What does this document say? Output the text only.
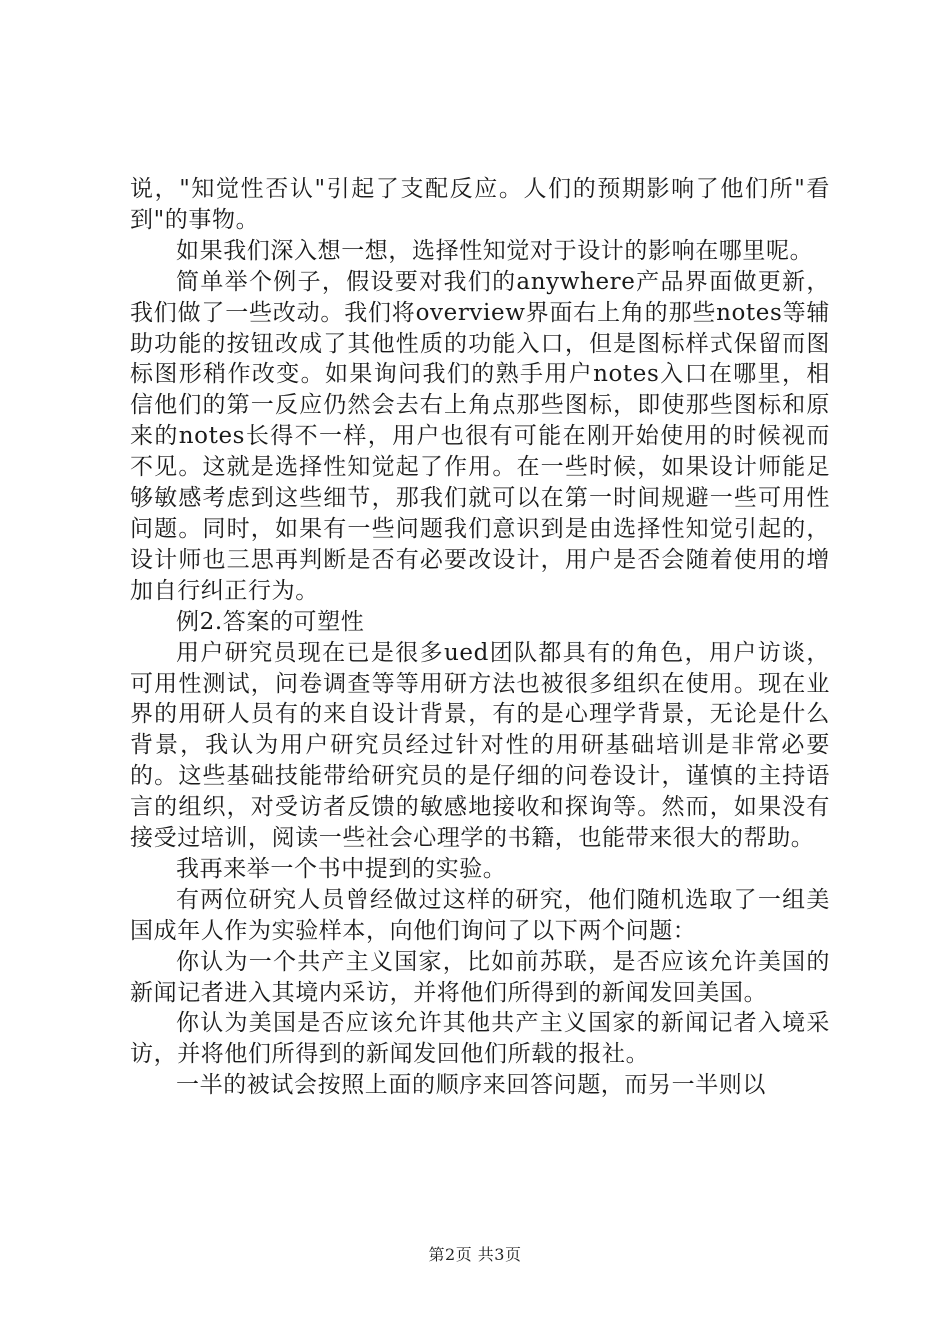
说，"知觉性否认"引起了支配反应。人们的预期影响了他们所"看到"的事物。

如果我们深入想一想，选择性知觉对于设计的影响在哪里呢。

简单举个例子，假设要对我们的anywhere产品界面做更新，我们做了一些改动。我们将overview界面右上角的那些notes等辅助功能的按钮改成了其他性质的功能入口，但是图标样式保留而图标图形稍作改变。如果询问我们的熟手用户notes入口在哪里，相信他们的第一反应仍然会去右上角点那些图标，即使那些图标和原来的notes长得不一样，用户也很有可能在刚开始使用的时候视而不见。这就是选择性知觉起了作用。在一些时候，如果设计师能足够敏感考虑到这些细节，那我们就可以在第一时间规避一些可用性问题。同时，如果有一些问题我们意识到是由选择性知觉引起的，设计师也三思再判断是否有必要改设计，用户是否会随着使用的增加自行纠正行为。

例2.答案的可塑性

用户研究员现在已是很多ued团队都具有的角色，用户访谈，可用性测试，问卷调查等等用研方法也被很多组织在使用。现在业界的用研人员有的来自设计背景，有的是心理学背景，无论是什么背景，我认为用户研究员经过针对性的用研基础培训是非常必要的。这些基础技能带给研究员的是仔细的问卷设计，谨慎的主持语言的组织，对受访者反馈的敏感地接收和探询等。然而，如果没有接受过培训，阅读一些社会心理学的书籍，也能带来很大的帮助。

我再来举一个书中提到的实验。

有两位研究人员曾经做过这样的研究，他们随机选取了一组美国成年人作为实验样本，向他们询问了以下两个问题：

你认为一个共产主义国家，比如前苏联，是否应该允许美国的新闻记者进入其境内采访，并将他们所得到的新闻发回美国。

你认为美国是否应该允许其他共产主义国家的新闻记者入境采访，并将他们所得到的新闻发回他们所载的报社。

一半的被试会按照上面的顺序来回答问题，而另一半则以

第2页 共3页
